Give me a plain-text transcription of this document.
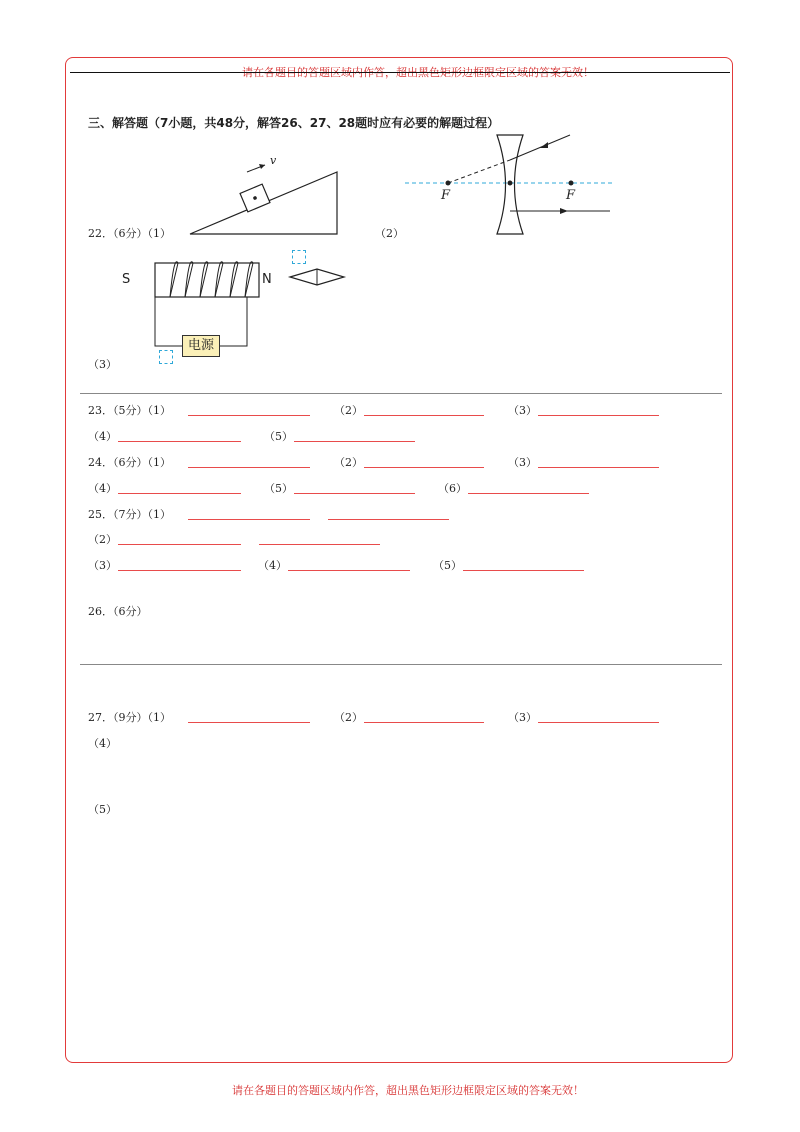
请在各题目的答题区域内作答，超出黑色矩形边框限定区域的答案无效！
三、解答题（7小题，共48分，解答26、27、28题时应有必要的解题过程）
22．（6分）（1）
v
（2）
F	F
S	N
电源
（3）
23．（5分）（1）	（2）	（3）
（4）	（5）
24．（6分）（1）	（2）	（3）
（4）	（5）	（6）
25．（7分）（1）
（2）
（3）	（4）	（5）
26．（6分）
27．（9分）（1）	（2）	（3）
（4）
（5）
请在各题目的答题区域内作答，超出黑色矩形边框限定区域的答案无效！
